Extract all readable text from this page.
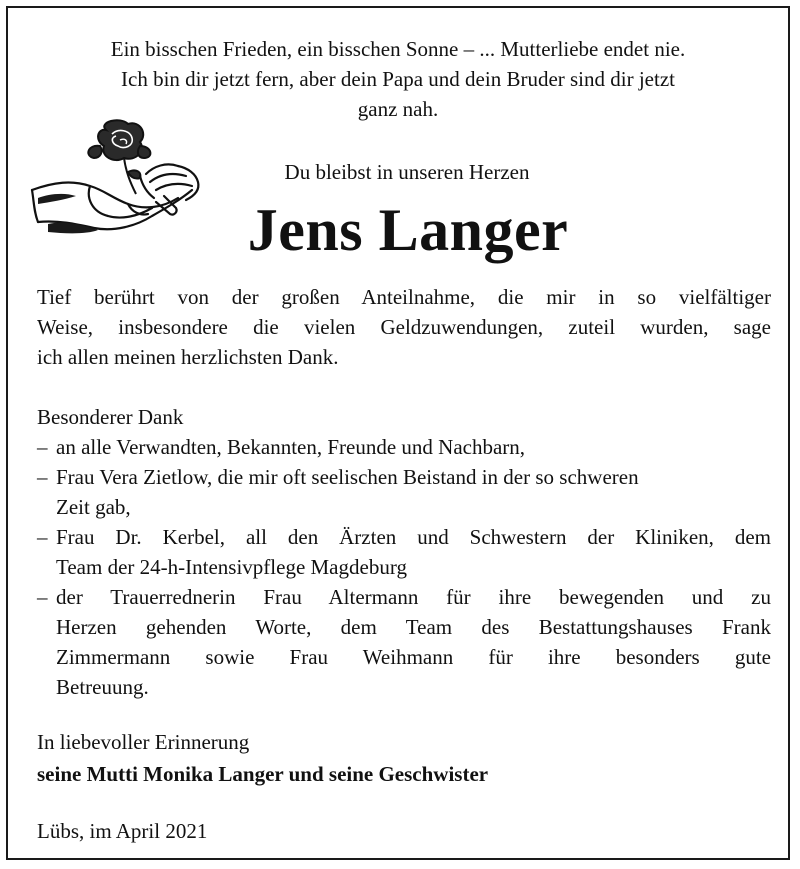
Ein bisschen Frieden, ein bisschen Sonne – ... Mutterliebe endet nie.
Ich bin dir jetzt fern, aber dein Papa und dein Bruder sind dir jetzt
ganz nah.
Du bleibst in unseren Herzen
Jens Langer
Tief berührt von der großen Anteilnahme, die mir in so vielfältiger
Weise, insbesondere die vielen Geldzuwendungen, zuteil wurden, sage
ich allen meinen herzlichsten Dank.
Besonderer Dank
– an alle Verwandten, Bekannten, Freunde und Nachbarn,
– Frau Vera Zietlow, die mir oft seelischen Beistand in der so schweren
Zeit gab,
– Frau Dr. Kerbel, all den Ärzten und Schwestern der Kliniken, dem
Team der 24-h-Intensivpflege Magdeburg
– der Trauerrednerin Frau Altermann für ihre bewegenden und zu
Herzen gehenden Worte, dem Team des Bestattungshauses Frank
Zimmermann sowie Frau Weihmann für ihre besonders gute
Betreuung.
In liebevoller Erinnerung
seine Mutti Monika Langer und seine Geschwister
Lübs, im April 2021
